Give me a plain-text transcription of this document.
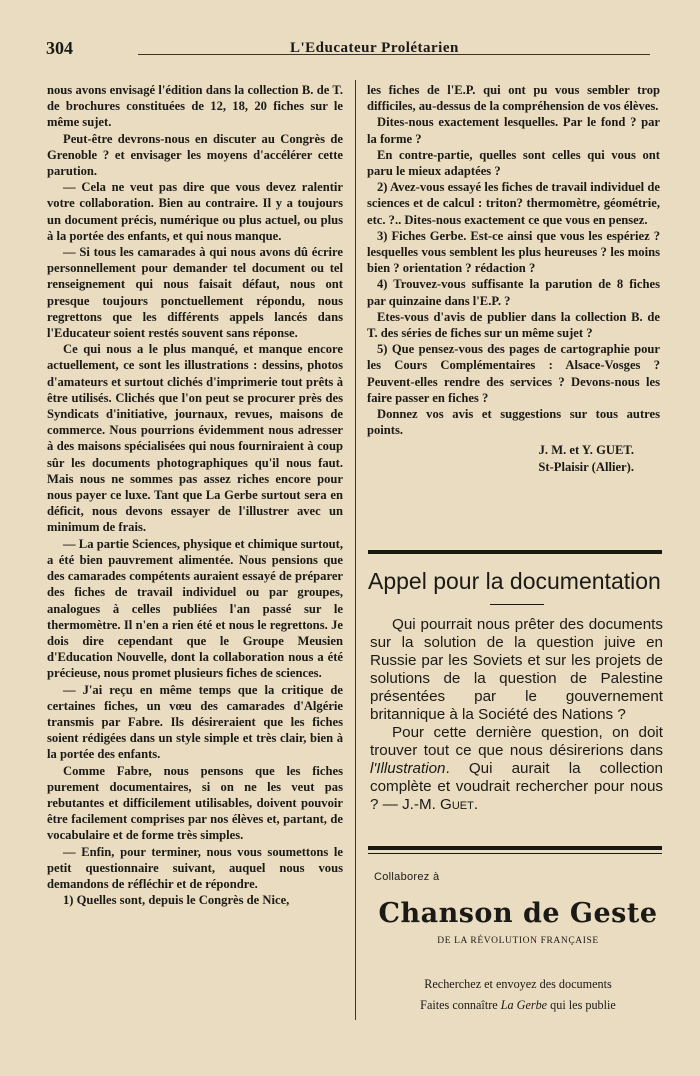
304	L'Educateur Prolétarien

nous avons envisagé l'édition dans la collection B. de T. de brochures constituées de 12, 18, 20 fiches sur le même sujet.

Peut-être devrons-nous en discuter au Congrès de Grenoble ? et envisager les moyens d'accélérer cette parution.

— Cela ne veut pas dire que vous devez ralentir votre collaboration. Bien au contraire. Il y a toujours un document précis, numérique ou plus actuel, ou plus à la portée des enfants, et qui nous manque.

— Si tous les camarades à qui nous avons dû écrire personnellement pour demander tel document ou tel renseignement qui nous faisait défaut, nous ont presque toujours ponctuellement répondu, nous regrettons que les différents appels lancés dans l'Educateur soient restés souvent sans réponse.

Ce qui nous a le plus manqué, et manque encore actuellement, ce sont les illustrations : dessins, photos d'amateurs et surtout clichés d'imprimerie tout prêts à être utilisés. Clichés que l'on peut se procurer près des Syndicats d'initiative, journaux, revues, maisons de commerce. Nous pourrions évidemment nous adresser à des maisons spécialisées qui nous fourniraient à coup sûr les documents photographiques qu'il nous faut. Mais nous ne sommes pas assez riches encore pour nous payer ce luxe. Tant que La Gerbe surtout sera en déficit, nous devons essayer de l'illustrer avec un minimum de frais.

— La partie Sciences, physique et chimique surtout, a été bien pauvrement alimentée. Nous pensions que des camarades compétents auraient essayé de préparer des fiches de travail individuel ou par groupes, analogues à celles publiées l'an passé sur le thermomètre. Il n'en a rien été et nous le regrettons. Je dois dire cependant que le Groupe Meusien d'Education Nouvelle, dont la collaboration nous a été précieuse, nous promet plusieurs fiches de sciences.

— J'ai reçu en même temps que la critique de certaines fiches, un vœu des camarades d'Algérie transmis par Fabre. Ils désireraient que les fiches soient rédigées dans un style simple et très clair, bien à la portée des enfants.

Comme Fabre, nous pensons que les fiches purement documentaires, si on ne les veut pas rebutantes et difficilement utilisables, doivent pouvoir être facilement comprises par nos élèves et, partant, de vocabulaire et de forme très simples.

— Enfin, pour terminer, nous vous soumettons le petit questionnaire suivant, auquel nous vous demandons de réfléchir et de répondre.

1) Quelles sont, depuis le Congrès de Nice,

les fiches de l'E.P. qui ont pu vous sembler trop difficiles, au-dessus de la compréhension de vos élèves.

Dites-nous exactement lesquelles. Par le fond ? par la forme ?

En contre-partie, quelles sont celles qui vous ont paru le mieux adaptées ?

2) Avez-vous essayé les fiches de travail individuel de sciences et de calcul : triton? thermomètre, géométrie, etc. ?.. Dites-nous exactement ce que vous en pensez.

3) Fiches Gerbe. Est-ce ainsi que vous les espériez ? lesquelles vous semblent les plus heureuses ? les moins bien ? orientation ? rédaction ?

4) Trouvez-vous suffisante la parution de 8 fiches par quinzaine dans l'E.P. ?

Etes-vous d'avis de publier dans la collection B. de T. des séries de fiches sur un même sujet ?

5) Que pensez-vous des pages de cartographie pour les Cours Complémentaires : Alsace-Vosges ? Peuvent-elles rendre des services ? Devons-nous les faire passer en fiches ?

Donnez vos avis et suggestions sur tous autres points.

J. M. et Y. GUET.
St-Plaisir (Allier).
Appel pour la documentation

Qui pourrait nous prêter des documents sur la solution de la question juive en Russie par les Soviets et sur les projets de solutions de la question de Palestine présentées par le gouvernement britannique à la Société des Nations ?

Pour cette dernière question, on doit trouver tout ce que nous désirerions dans l'Illustration. Qui aurait la collection complète et voudrait rechercher pour nous ? — J.-M. Guet.

Collaborez à
Chanson de Geste
DE LA RÉVOLUTION FRANÇAISE
Recherchez et envoyez des documents
Faites connaître La Gerbe qui les publie
